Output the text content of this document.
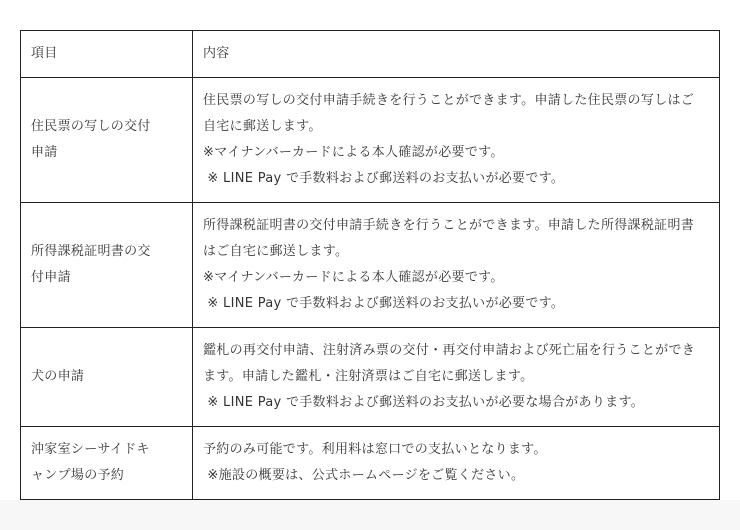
項目	内容

住民票の写しの交付
申請	住民票の写しの交付申請手続きを行うことができます。申請した住民票の写しはご
自宅に郵送します。
※マイナンバーカードによる本人確認が必要です。
※ LINE Pay で手数料および郵送料のお支払いが必要です。

所得課税証明書の交
付申請	所得課税証明書の交付申請手続きを行うことができます。申請した所得課税証明書
はご自宅に郵送します。
※マイナンバーカードによる本人確認が必要です。
※ LINE Pay で手数料および郵送料のお支払いが必要です。

犬の申請	鑑札の再交付申請、注射済み票の交付・再交付申請および死亡届を行うことができ
ます。申請した鑑札・注射済票はご自宅に郵送します。
※ LINE Pay で手数料および郵送料のお支払いが必要な場合があります。

沖家室シーサイドキ
ャンプ場の予約	予約のみ可能です。利用料は窓口での支払いとなります。
※施設の概要は、公式ホームページをご覧ください。
